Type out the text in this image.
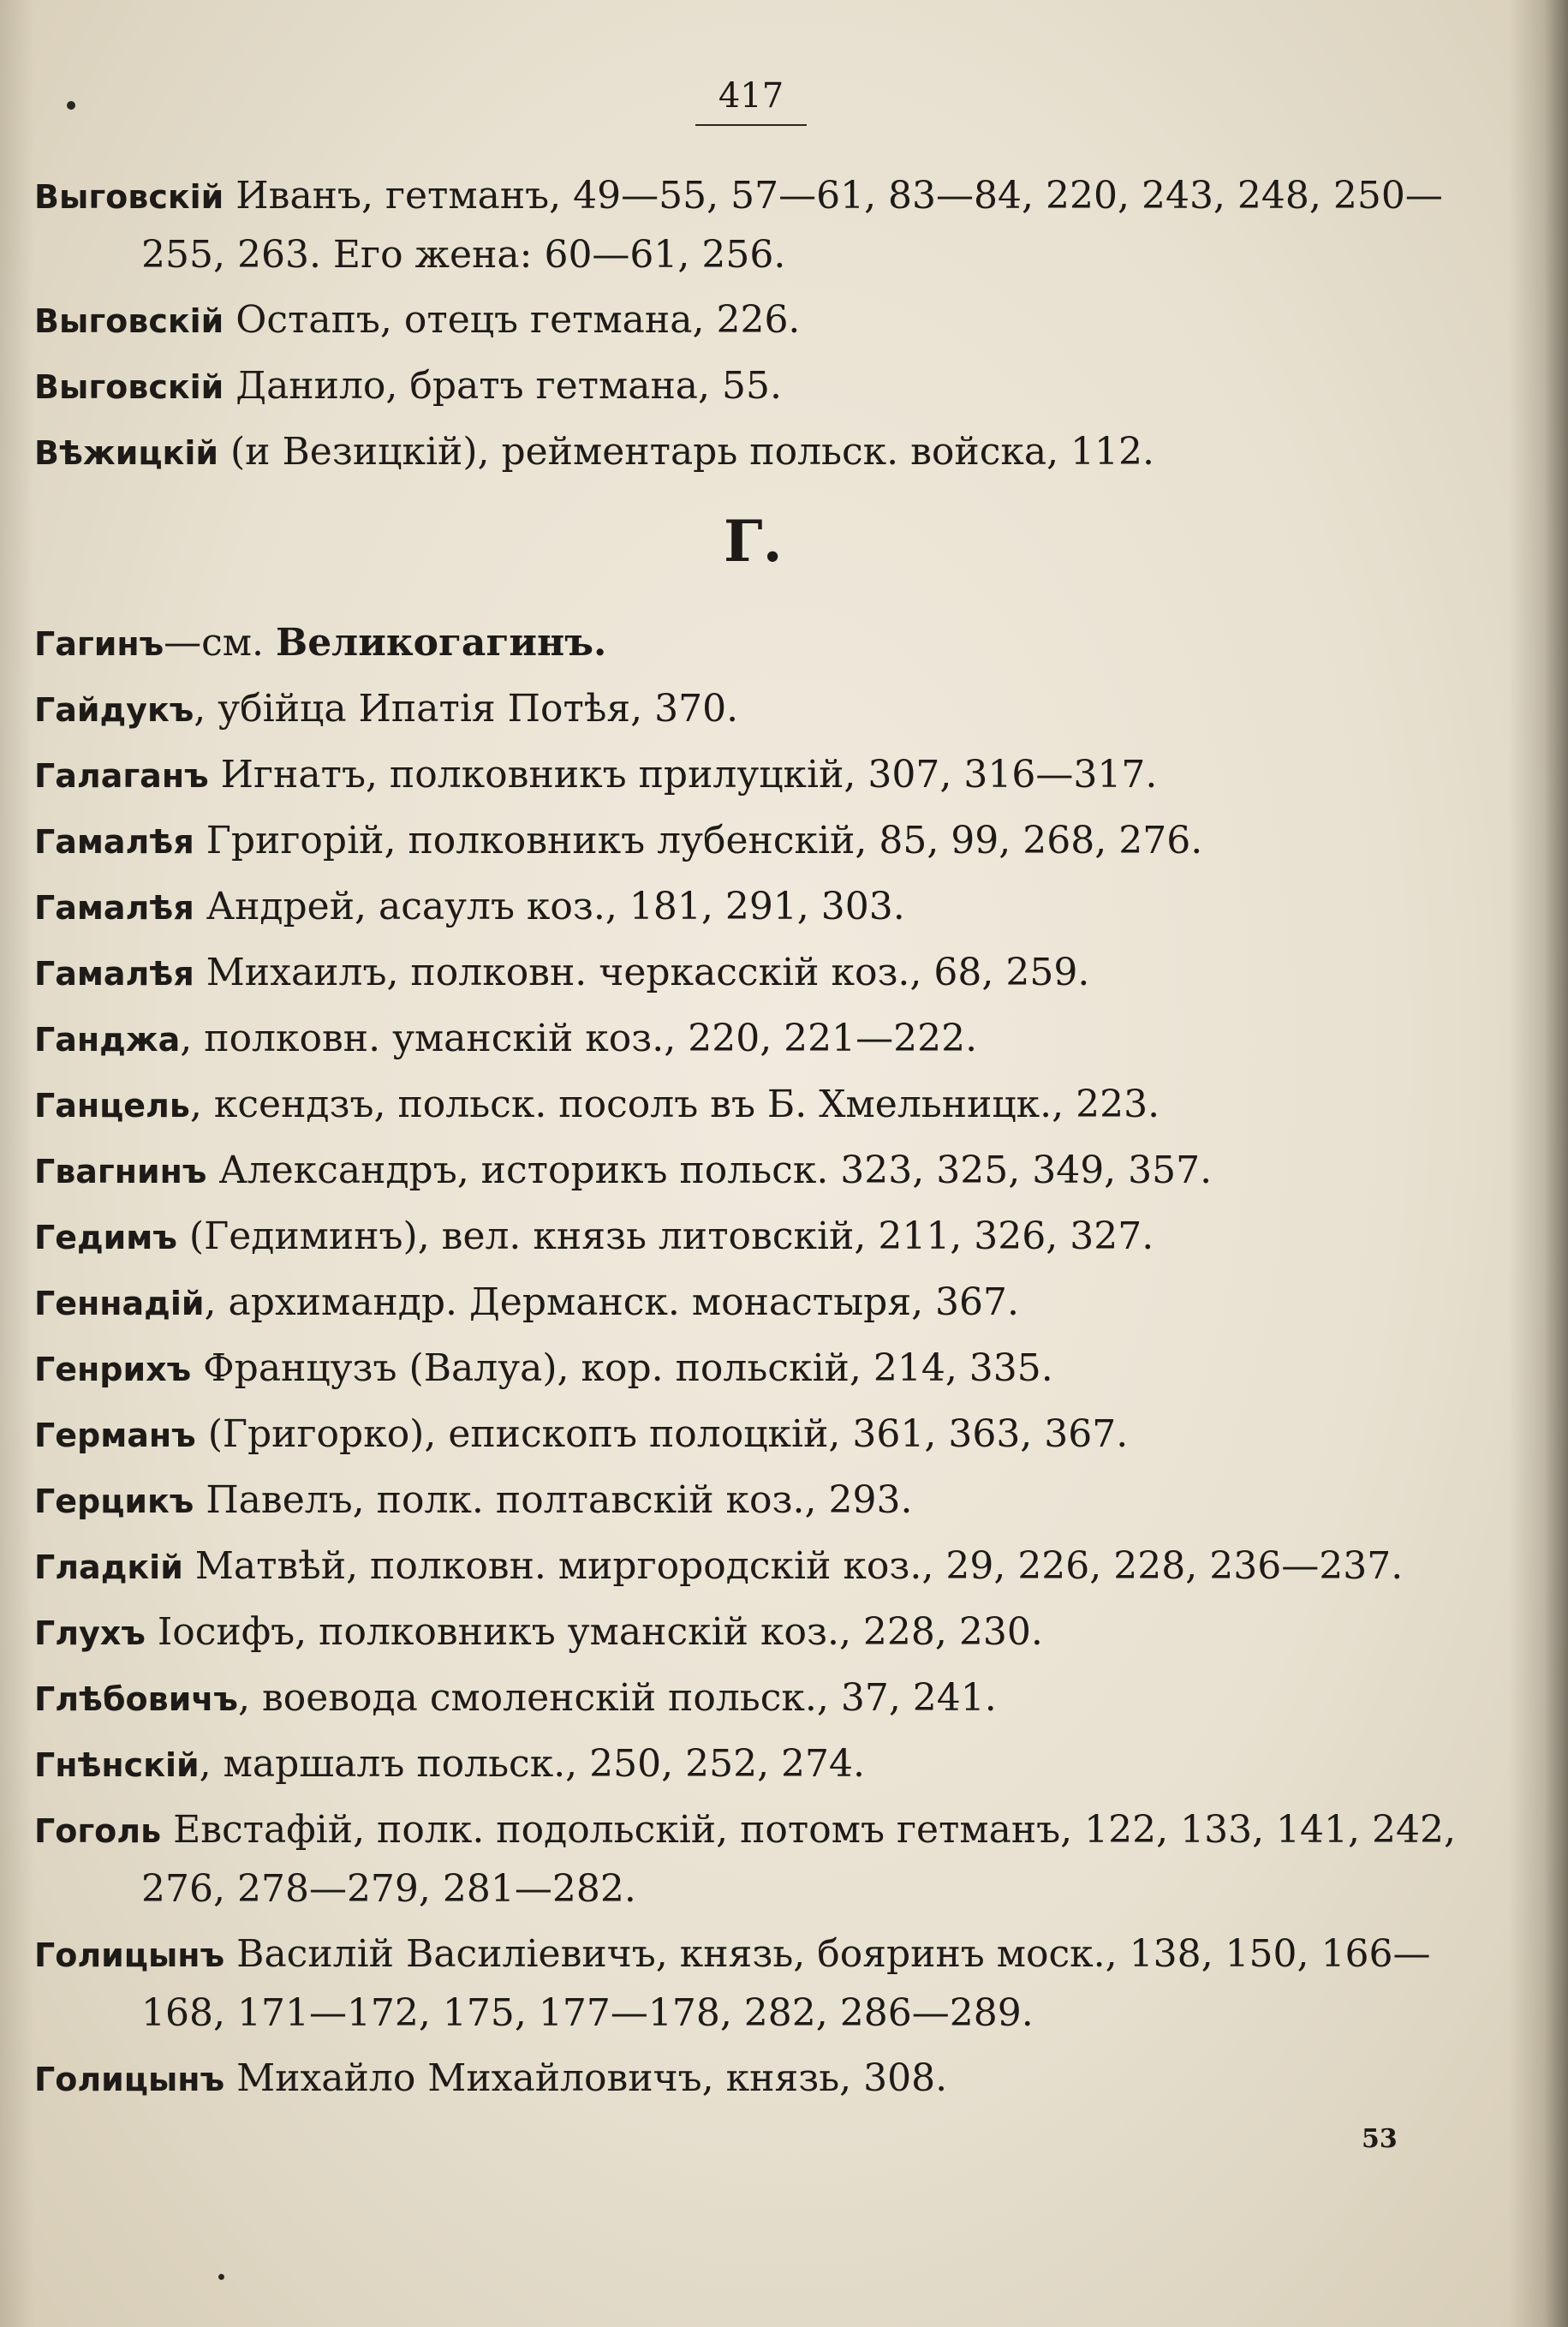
417

Выговскій Иванъ, гетманъ, 49—55, 57—61, 83—84, 220, 243, 248, 250—255, 263. Его жена: 60—61, 256.

Выговскій Остапъ, отецъ гетмана, 226.

Выговскій Данило, братъ гетмана, 55.

Вѣжицкій (и Везицкій), рейментарь польск. войска, 112.

Г.

Гагинъ—см. Великогагинъ.

Гайдукъ, убійца Ипатія Потѣя, 370.

Галаганъ Игнатъ, полковникъ прилуцкій, 307, 316—317.

Гамалѣя Григорій, полковникъ лубенскій, 85, 99, 268, 276.

Гамалѣя Андрей, асаулъ коз., 181, 291, 303.

Гамалѣя Михаилъ, полковн. черкасскій коз., 68, 259.

Ганджа, полковн. уманскій коз., 220, 221—222.

Ганцель, ксендзъ, польск. посолъ въ Б. Хмельницк., 223.

Гвагнинъ Александръ, историкъ польск. 323, 325, 349, 357.

Гедимъ (Гедиминъ), вел. князь литовскій, 211, 326, 327.

Геннадій, архимандр. Дерманск. монастыря, 367.

Генрихъ Французъ (Валуа), кор. польскій, 214, 335.

Германъ (Григорко), епископъ полоцкій, 361, 363, 367.

Герцикъ Павелъ, полк. полтавскій коз., 293.

Гладкій Матвѣй, полковн. миргородскій коз., 29, 226, 228, 236—237.

Глухъ Іосифъ, полковникъ уманскій коз., 228, 230.

Глѣбовичъ, воевода смоленскій польск., 37, 241.

Гнѣнскій, маршалъ польск., 250, 252, 274.

Гоголь Евстафій, полк. подольскій, потомъ гетманъ, 122, 133, 141, 242, 276, 278—279, 281—282.

Голицынъ Василій Василіевичъ, князь, бояринъ моск., 138, 150, 166—168, 171—172, 175, 177—178, 282, 286—289.

Голицынъ Михайло Михайловичъ, князь, 308.

53
